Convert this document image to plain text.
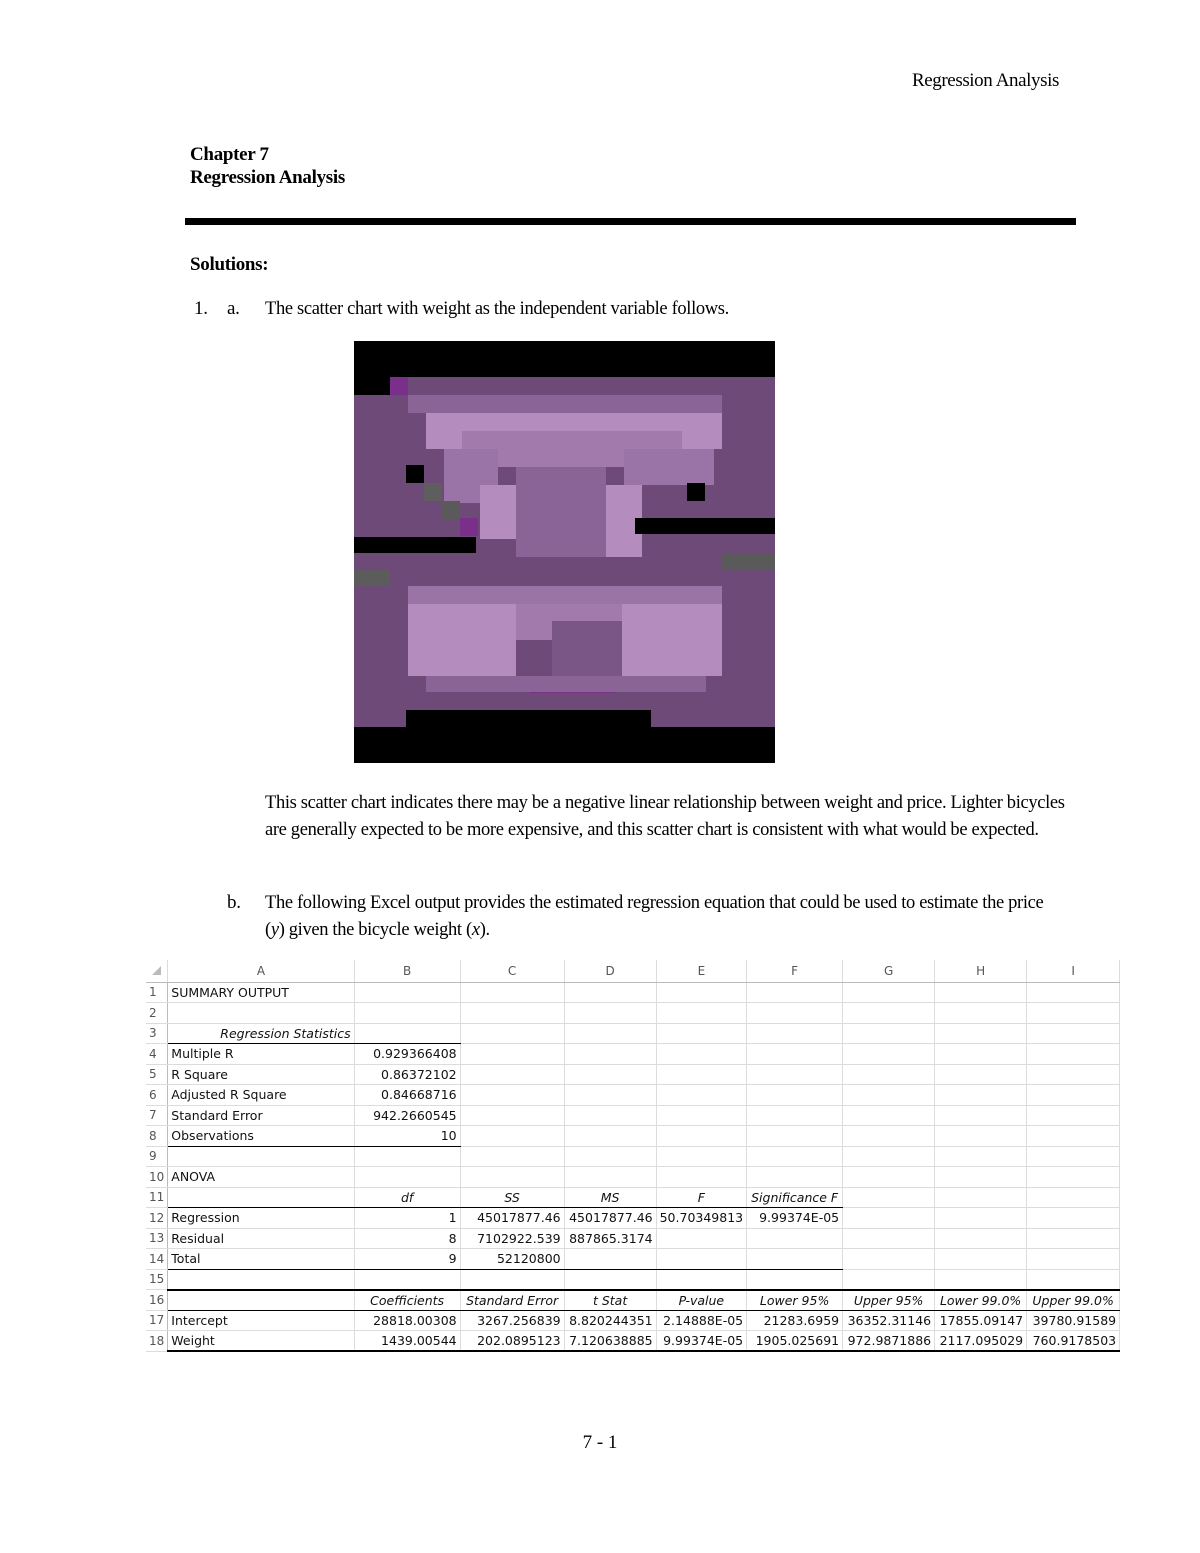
Regression Analysis
Chapter 7
Regression Analysis
Solutions:
1. a. The scatter chart with weight as the independent variable follows.
This scatter chart indicates there may be a negative linear relationship between weight and price. Lighter bicycles are generally expected to be more expensive, and this scatter chart is consistent with what would be expected.
b. The following Excel output provides the estimated regression equation that could be used to estimate the price (y) given the bicycle weight (x).
	A	B	C	D	E	F	G	H	I
1	SUMMARY OUTPUT								
2									
3	Regression Statistics								
4	Multiple R	0.929366408							
5	R Square	0.86372102							
6	Adjusted R Square	0.84668716							
7	Standard Error	942.2660545							
8	Observations	10							
9									
10	ANOVA								
11		df	SS	MS	F	Significance F			
12	Regression	1	45017877.46	45017877.46	50.70349813	9.99374E-05			
13	Residual	8	7102922.539	887865.3174					
14	Total	9	52120800						
15									
16		Coefficients	Standard Error	t Stat	P-value	Lower 95%	Upper 95%	Lower 99.0%	Upper 99.0%
17	Intercept	28818.00308	3267.256839	8.820244351	2.14888E-05	21283.6959	36352.31146	17855.09147	39780.91589
18	Weight	1439.00544	202.0895123	7.120638885	9.99374E-05	1905.025691	972.9871886	2117.095029	760.9178503
7 - 1
